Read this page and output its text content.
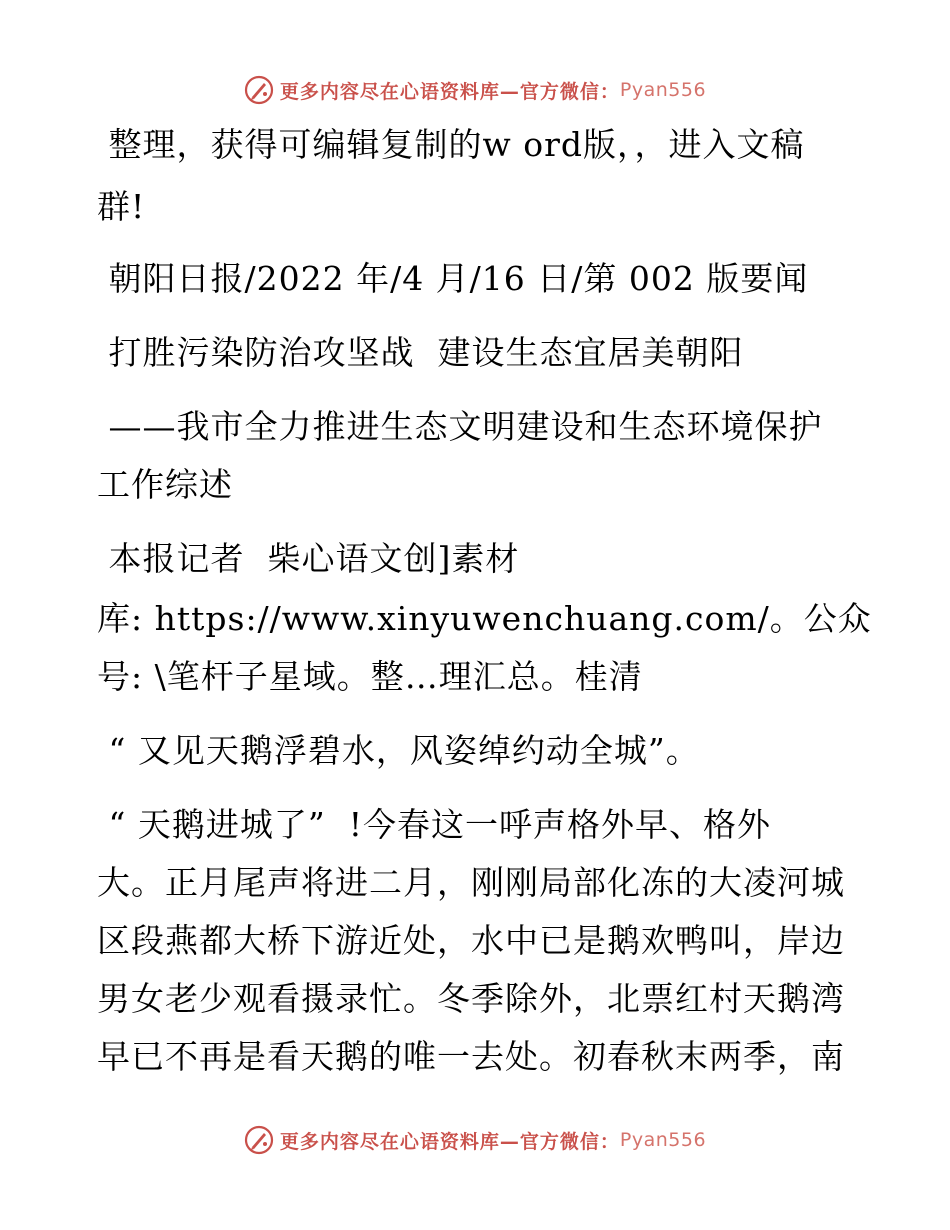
更多内容尽在心语资料库—官方微信： Pyan556
整理，获得可编辑复制的w ord版，，进入文稿
群!
朝阳日报/2022 年/4 月/16 日/第 002 版要闻
打胜污染防治攻坚战  建设生态宜居美朝阳
——我市全力推进生态文明建设和生态环境保护
工作综述
本报记者  柴心语文创]素材
库: https://www.xinyuwenchuang.com/。公众
号: \笔杆子星域。整…理汇总。桂清
“ 又见天鹅浮碧水，风姿绰约动全城”。
“ 天鹅进城了”  !今春这一呼声格外早、格外
大。正月尾声将进二月，刚刚局部化冻的大凌河城
区段燕都大桥下游近处，水中已是鹅欢鸭叫，岸边
男女老少观看摄录忙。冬季除外，北票红村天鹅湾
早已不再是看天鹅的唯一去处。初春秋末两季，南
更多内容尽在心语资料库—官方微信： Pyan556
